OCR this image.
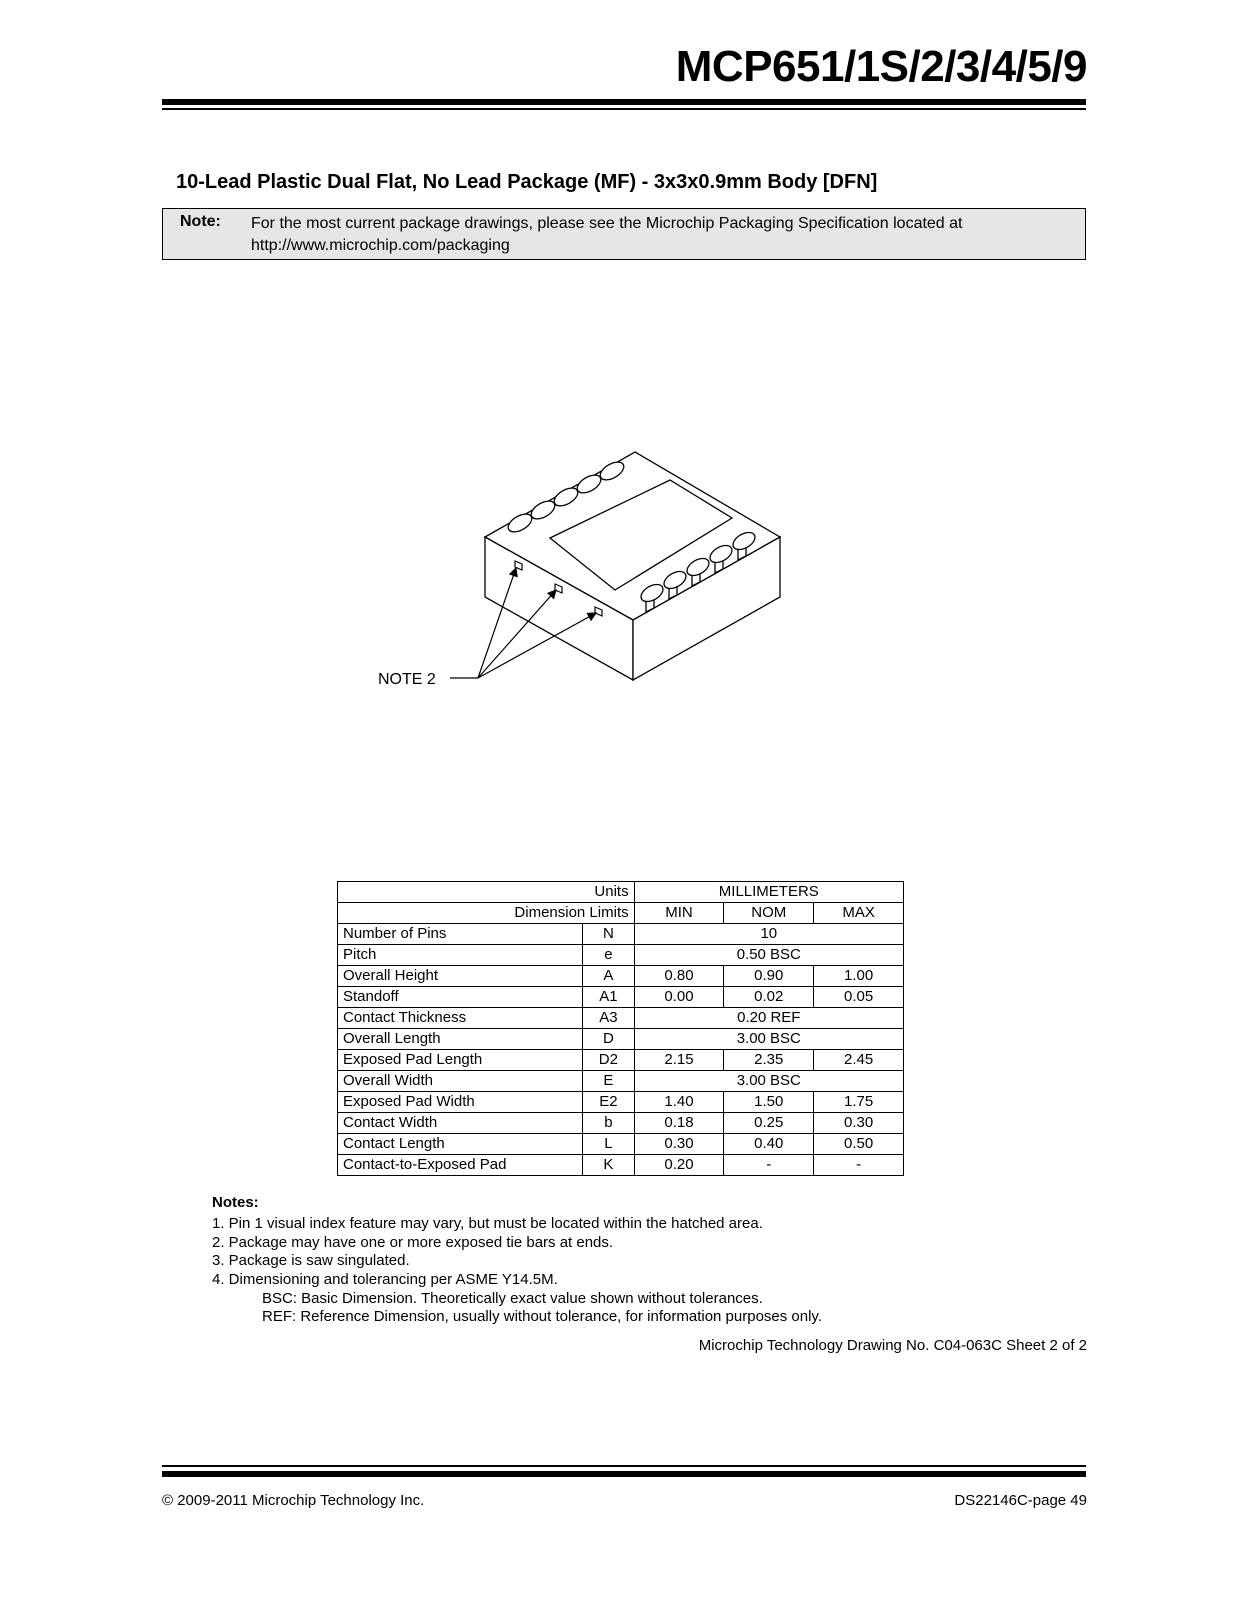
MCP651/1S/2/3/4/5/9
10-Lead Plastic Dual Flat, No Lead Package (MF) - 3x3x0.9mm Body [DFN]
Note: For the most current package drawings, please see the Microchip Packaging Specification located at
http://www.microchip.com/packaging
NOTE 2
Units		MILLIMETERS		
Dimension Limits		MIN	NOM	MAX
Number of Pins	N	10		
Pitch	e	0.50 BSC		
Overall Height	A	0.80	0.90	1.00
Standoff	A1	0.00	0.02	0.05
Contact Thickness	A3	0.20 REF		
Overall Length	D	3.00 BSC		
Exposed Pad Length	D2	2.15	2.35	2.45
Overall Width	E	3.00 BSC		
Exposed Pad Width	E2	1.40	1.50	1.75
Contact Width	b	0.18	0.25	0.30
Contact Length	L	0.30	0.40	0.50
Contact-to-Exposed Pad	K	0.20	-	-
Notes:
1. Pin 1 visual index feature may vary, but must be located within the hatched area.
2. Package may have one or more exposed tie bars at ends.
3. Package is saw singulated.
4. Dimensioning and tolerancing per ASME Y14.5M.
BSC: Basic Dimension. Theoretically exact value shown without tolerances.
REF: Reference Dimension, usually without tolerance, for information purposes only.
Microchip Technology Drawing No. C04-063C Sheet 2 of 2
© 2009-2011 Microchip Technology Inc.	DS22146C-page 49
